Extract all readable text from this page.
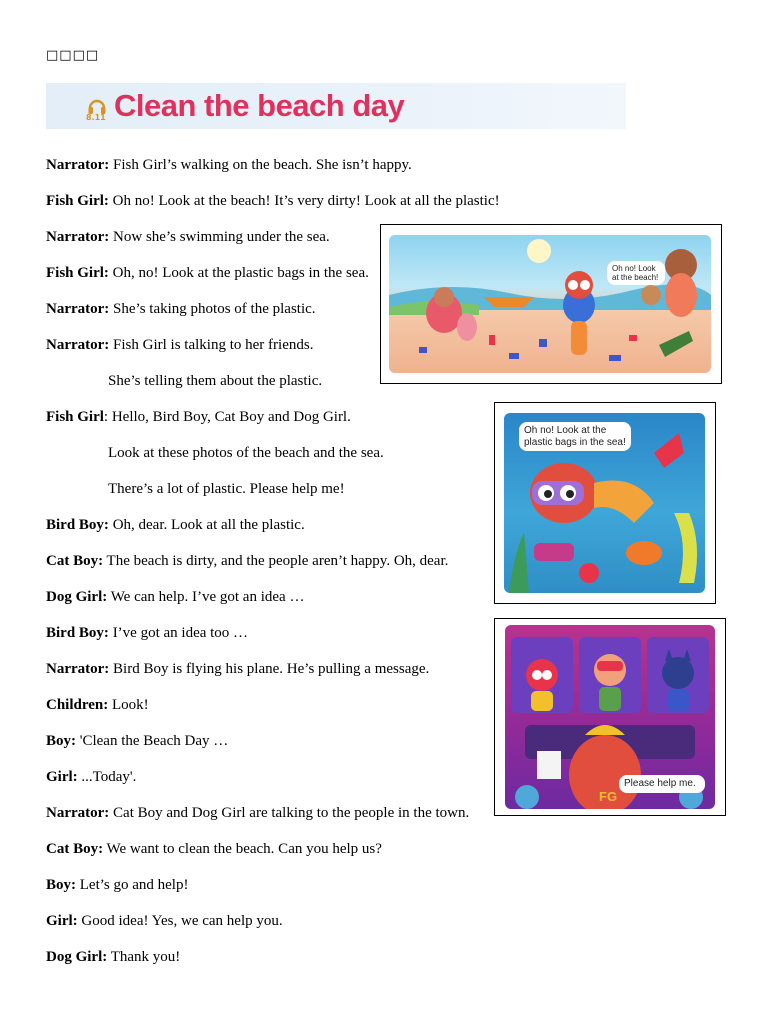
□□□□
8.11 Clean the beach day
Narrator: Fish Girl’s walking on the beach. She isn’t happy.
Fish Girl: Oh no! Look at the beach! It’s very dirty! Look at all the plastic!
Narrator: Now she’s swimming under the sea.
Fish Girl: Oh, no! Look at the plastic bags in the sea.
Narrator: She’s taking photos of the plastic.
Narrator: Fish Girl is talking to her friends.
She’s telling them about the plastic.
Fish Girl: Hello, Bird Boy, Cat Boy and Dog Girl.
Look at these photos of the beach and the sea.
There’s a lot of plastic. Please help me!
Bird Boy: Oh, dear. Look at all the plastic.
Cat Boy: The beach is dirty, and the people aren’t happy. Oh, dear.
Dog Girl: We can help. I’ve got an idea …
Bird Boy: I’ve got an idea too …
Narrator: Bird Boy is flying his plane. He’s pulling a message.
Children: Look!
Boy: 'Clean the Beach Day …
Girl: ...Today'.
Narrator: Cat Boy and Dog Girl are talking to the people in the town.
Cat Boy: We want to clean the beach. Can you help us?
Boy: Let’s go and help!
Girl: Good idea! Yes, we can help you.
Dog Girl: Thank you!
Oh no! Look at the beach!
Oh no! Look at the plastic bags in the sea!
Please help me.
FG
